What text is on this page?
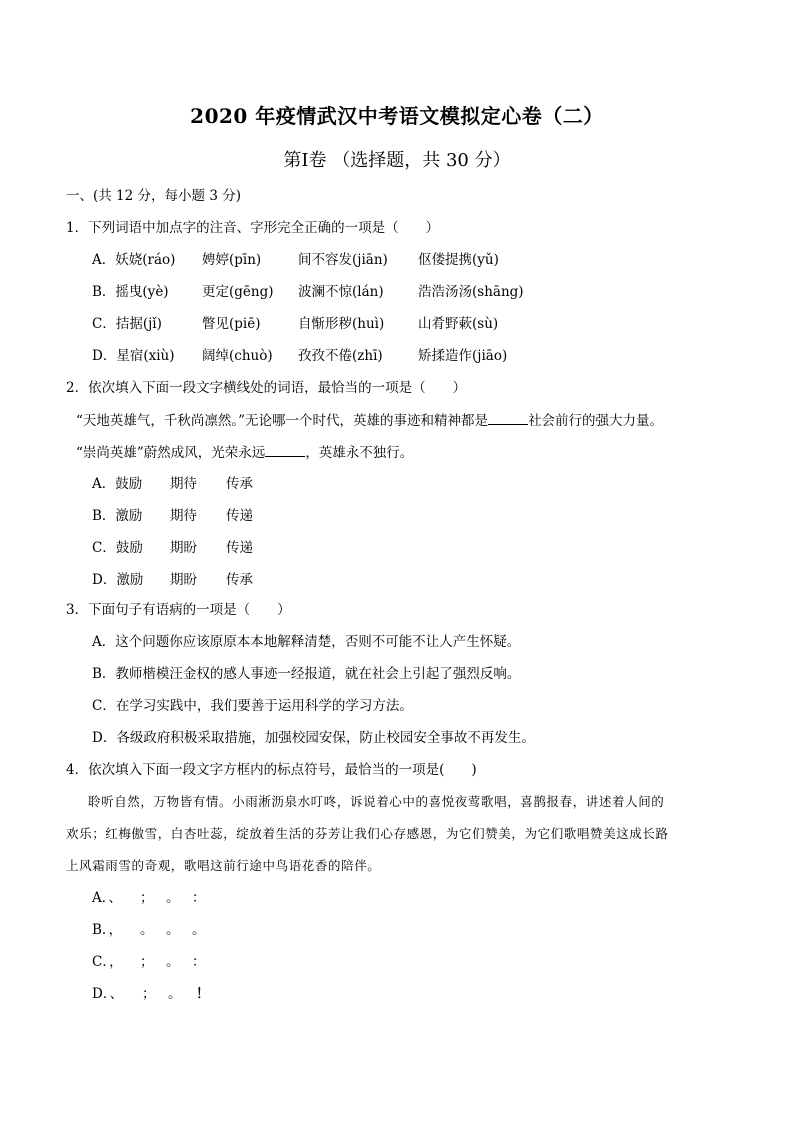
2020 年疫情武汉中考语文模拟定心卷（二）
第Ⅰ卷 （选择题，共 30 分）
一、(共 12 分，每小题 3 分)
1．下列词语中加点字的注音、字形完全正确的一项是（　　）
A．妖娆(ráo) 娉婷(pīn)	间不容发(jiān) 伛偻提携(yǔ)
B．摇曳(yè) 更定(gēng) 波澜不惊(lán)	浩浩汤汤(shāng)
C．拮据(jǐ)	瞥见(piē)	自惭形秽(huì)	山肴野蔌(sù)
D．星宿(xiù) 阔绰(chuò) 孜孜不倦(zhī)	矫揉造作(jiāo)
2．依次填入下面一段文字横线处的词语，最恰当的一项是（　　）
“天地英雄气，千秋尚凛然。”无论哪一个时代，英雄的事迹和精神都是	社会前行的强大力量。
“崇尚英雄”蔚然成风，光荣永远	，英雄永不独行。
A．鼓励 期待 传承
B．激励 期待 传递
C．鼓励 期盼 传递
D．激励 期盼 传承
3．下面句子有语病的一项是（　　）
A．这个问题你应该原原本本地解释清楚，否则不可能不让人产生怀疑。
B．教师楷模汪金权的感人事迹一经报道，就在社会上引起了强烈反响。
C．在学习实践中，我们要善于运用科学的学习方法。
D．各级政府积极采取措施，加强校园安保，防止校园安全事故不再发生。
4．依次填入下面一段文字方框内的标点符号，最恰当的一项是(　　)
聆听自然，万物皆有情。小雨淅沥泉水叮咚，诉说着心中的喜悦夜莺歌唱，喜鹊报春，讲述着人间的
欢乐；红梅傲雪，白杏吐蕊，绽放着生活的芬芳让我们心存感恩，为它们赞美，为它们歌唱赞美这成长路
上风霜雨雪的奇观，歌唱这前行途中鸟语花香的陪伴。
A．、 ； 。 ：
B．， 。 。 。
C．， ； 。 ：
D．、 ； 。 ！
